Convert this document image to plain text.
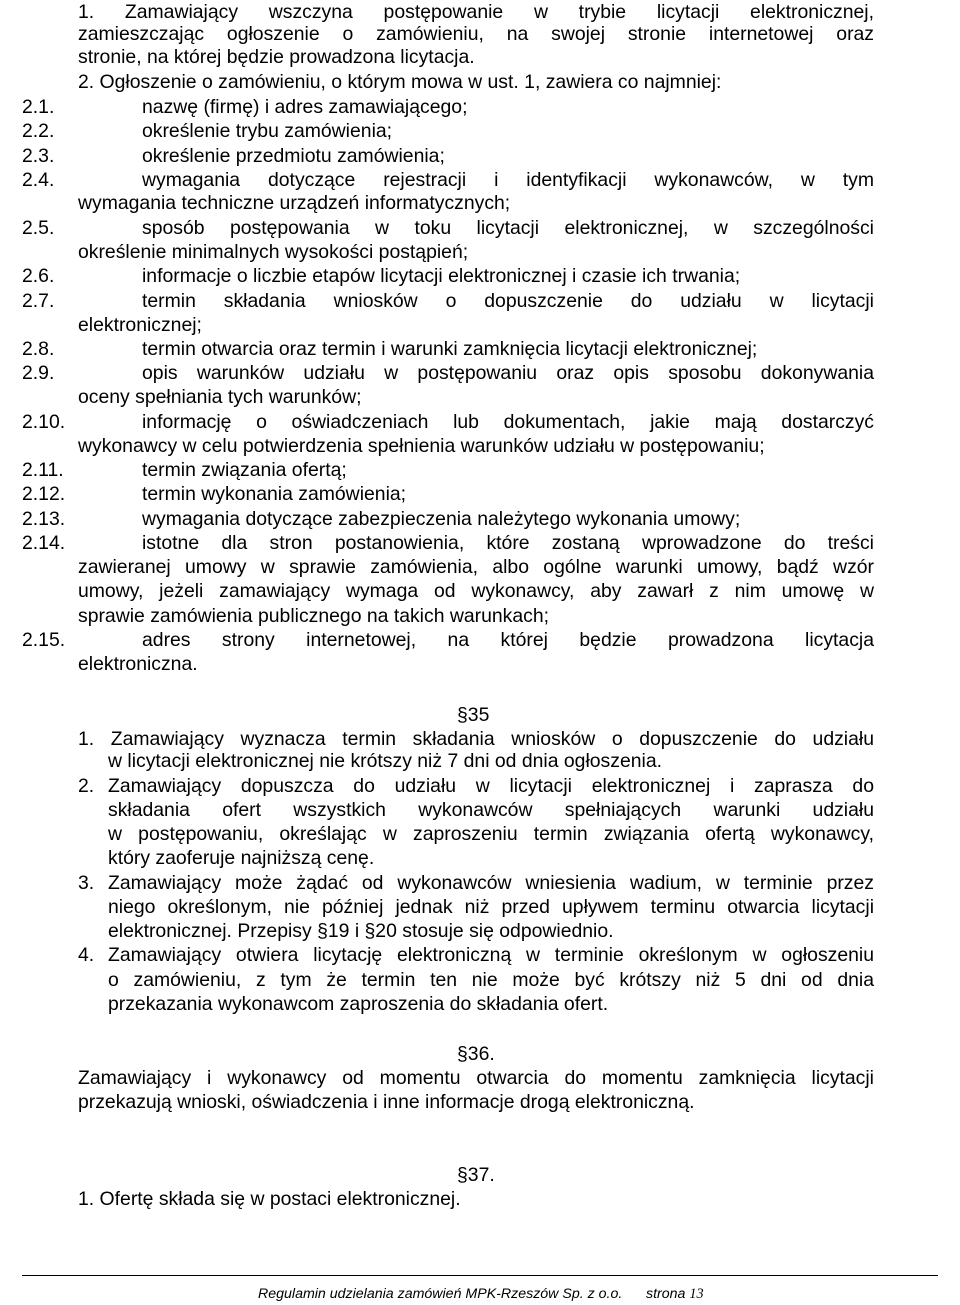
1. Zamawiający wszczyna postępowanie w trybie licytacji elektronicznej,
zamieszczając ogłoszenie o zamówieniu, na swojej stronie internetowej oraz
stronie, na której będzie prowadzona licytacja.
2. Ogłoszenie o zamówieniu, o którym mowa w ust. 1, zawiera co najmniej:
2.1.	nazwę (firmę) i adres zamawiającego;
2.2.	określenie trybu zamówienia;
2.3.	określenie przedmiotu zamówienia;
2.4.	wymagania dotyczące rejestracji i identyfikacji wykonawców, w tym
wymagania techniczne urządzeń informatycznych;
2.5.	sposób postępowania w toku licytacji elektronicznej, w szczególności
określenie minimalnych wysokości postąpień;
2.6.	informacje o liczbie etapów licytacji elektronicznej i czasie ich trwania;
2.7.	termin składania wniosków o dopuszczenie do udziału w licytacji
elektronicznej;
2.8.	termin otwarcia oraz termin i warunki zamknięcia licytacji elektronicznej;
2.9.	opis warunków udziału w postępowaniu oraz opis sposobu dokonywania
oceny spełniania tych warunków;
2.10.	informację o oświadczeniach lub dokumentach, jakie mają dostarczyć
wykonawcy w celu potwierdzenia spełnienia warunków udziału w postępowaniu;
2.11.	termin związania ofertą;
2.12.	termin wykonania zamówienia;
2.13.	wymagania dotyczące zabezpieczenia należytego wykonania umowy;
2.14.	istotne dla stron postanowienia, które zostaną wprowadzone do treści
zawieranej umowy w sprawie zamówienia, albo ogólne warunki umowy, bądź wzór
umowy, jeżeli zamawiający wymaga od wykonawcy, aby zawarł z nim umowę w
sprawie zamówienia publicznego na takich warunkach;
2.15.	adres strony internetowej, na której będzie prowadzona licytacja
elektroniczna.
§35
1. Zamawiający wyznacza termin składania wniosków o dopuszczenie do udziału
w licytacji elektronicznej nie krótszy niż 7 dni od dnia ogłoszenia.
2. Zamawiający dopuszcza do udziału w licytacji elektronicznej i zaprasza do
składania ofert wszystkich wykonawców spełniających warunki udziału
w postępowaniu, określając w zaproszeniu termin związania ofertą wykonawcy,
który zaoferuje najniższą cenę.
3. Zamawiający może żądać od wykonawców wniesienia wadium, w terminie przez
niego określonym, nie później jednak niż przed upływem terminu otwarcia licytacji
elektronicznej. Przepisy §19 i §20 stosuje się odpowiednio.
4. Zamawiający otwiera licytację elektroniczną w terminie określonym w ogłoszeniu
o zamówieniu, z tym że termin ten nie może być krótszy niż 5 dni od dnia
przekazania wykonawcom zaproszenia do składania ofert.
§36.
Zamawiający i wykonawcy od momentu otwarcia do momentu zamknięcia licytacji
przekazują wnioski, oświadczenia i inne informacje drogą elektroniczną.
§37.
1. Ofertę składa się w postaci elektronicznej.
Regulamin udzielania zamówień MPK-Rzeszów Sp. z o.o. strona 13
